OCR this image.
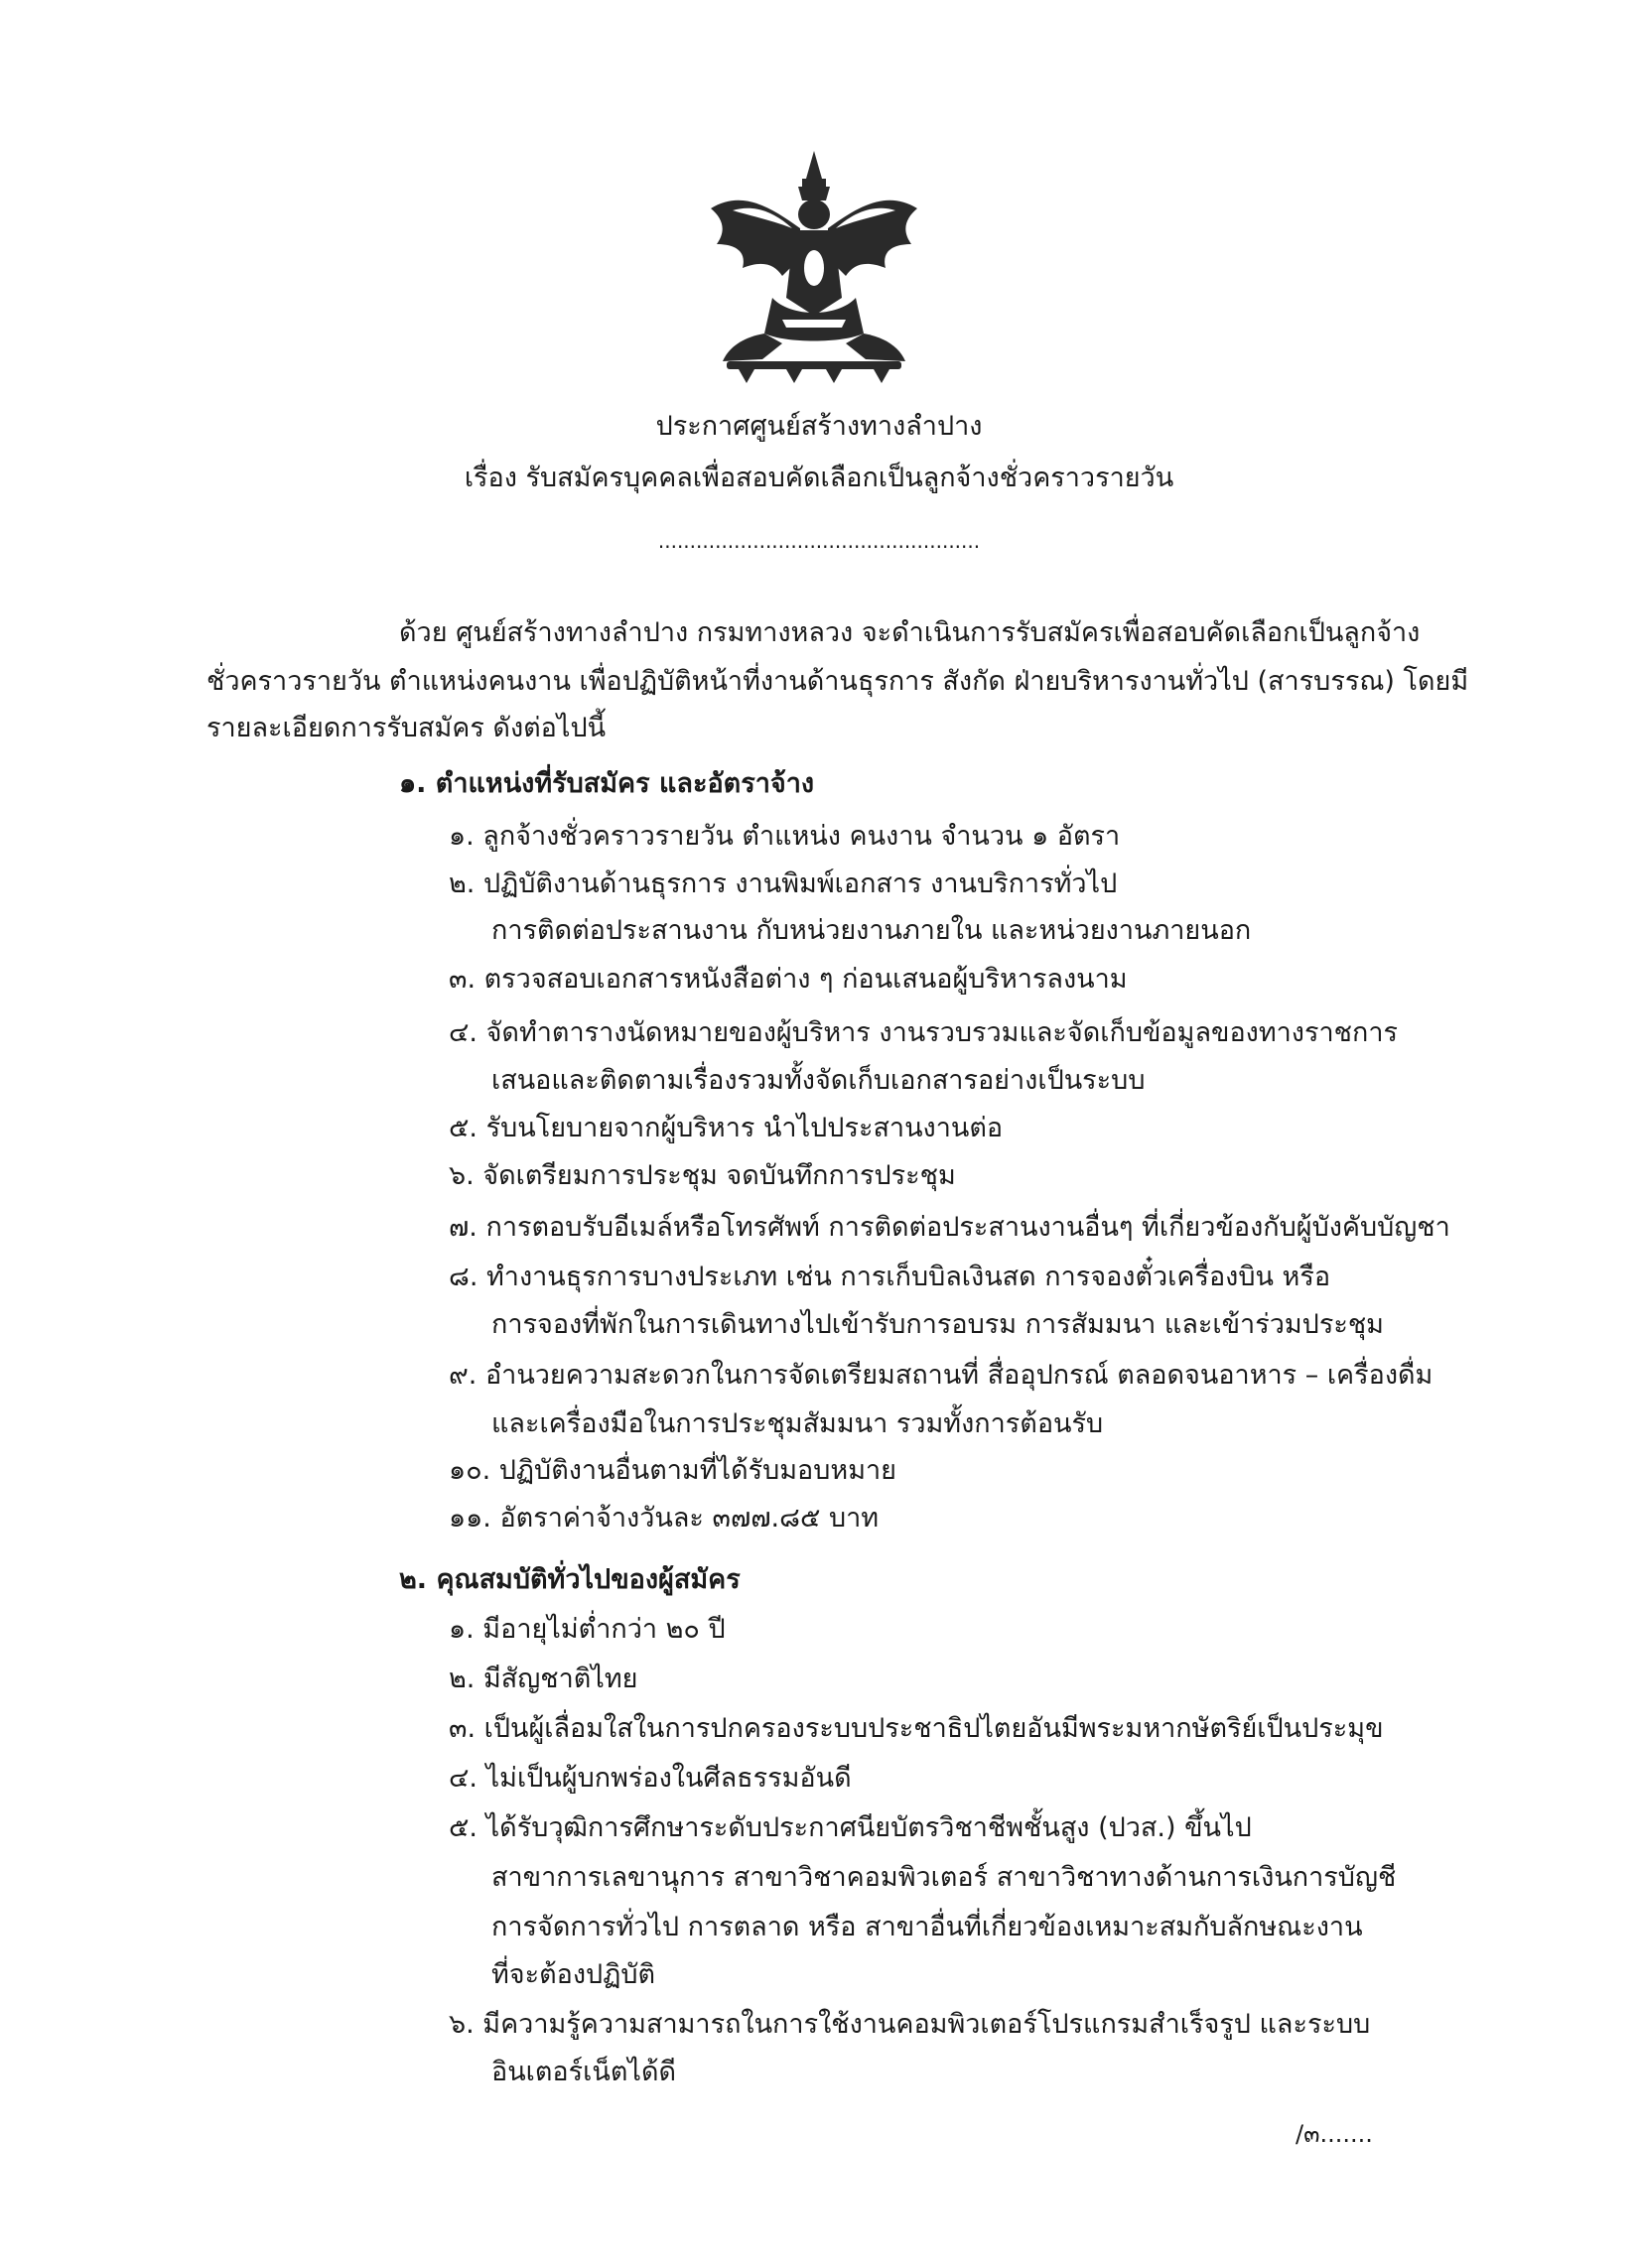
ประกาศศูนย์สร้างทางลำปาง
เรื่อง รับสมัครบุคคลเพื่อสอบคัดเลือกเป็นลูกจ้างชั่วคราวรายวัน
...................................................
ด้วย ศูนย์สร้างทางลำปาง กรมทางหลวง จะดำเนินการรับสมัครเพื่อสอบคัดเลือกเป็นลูกจ้าง
ชั่วคราวรายวัน ตำแหน่งคนงาน เพื่อปฏิบัติหน้าที่งานด้านธุรการ สังกัด ฝ่ายบริหารงานทั่วไป (สารบรรณ) โดยมี
รายละเอียดการรับสมัคร ดังต่อไปนี้
๑. ตำแหน่งที่รับสมัคร และอัตราจ้าง
๑. ลูกจ้างชั่วคราวรายวัน ตำแหน่ง คนงาน จำนวน ๑ อัตรา
๒. ปฏิบัติงานด้านธุรการ งานพิมพ์เอกสาร งานบริการทั่วไป
การติดต่อประสานงาน กับหน่วยงานภายใน และหน่วยงานภายนอก
๓. ตรวจสอบเอกสารหนังสือต่าง ๆ ก่อนเสนอผู้บริหารลงนาม
๔. จัดทำตารางนัดหมายของผู้บริหาร งานรวบรวมและจัดเก็บข้อมูลของทางราชการ
เสนอและติดตามเรื่องรวมทั้งจัดเก็บเอกสารอย่างเป็นระบบ
๕. รับนโยบายจากผู้บริหาร นำไปประสานงานต่อ
๖. จัดเตรียมการประชุม จดบันทึกการประชุม
๗. การตอบรับอีเมล์หรือโทรศัพท์ การติดต่อประสานงานอื่นๆ ที่เกี่ยวข้องกับผู้บังคับบัญชา
๘. ทำงานธุรการบางประเภท เช่น การเก็บบิลเงินสด การจองตั๋วเครื่องบิน หรือ
การจองที่พักในการเดินทางไปเข้ารับการอบรม การสัมมนา และเข้าร่วมประชุม
๙. อำนวยความสะดวกในการจัดเตรียมสถานที่ สื่ออุปกรณ์ ตลอดจนอาหาร – เครื่องดื่ม
และเครื่องมือในการประชุมสัมมนา รวมทั้งการต้อนรับ
๑๐. ปฏิบัติงานอื่นตามที่ได้รับมอบหมาย
๑๑. อัตราค่าจ้างวันละ ๓๗๗.๘๕ บาท
๒. คุณสมบัติทั่วไปของผู้สมัคร
๑. มีอายุไม่ต่ำกว่า ๒๐ ปี
๒. มีสัญชาติไทย
๓. เป็นผู้เลื่อมใสในการปกครองระบบประชาธิปไตยอันมีพระมหากษัตริย์เป็นประมุข
๔. ไม่เป็นผู้บกพร่องในศีลธรรมอันดี
๕. ได้รับวุฒิการศึกษาระดับประกาศนียบัตรวิชาชีพชั้นสูง (ปวส.) ขึ้นไป
สาขาการเลขานุการ สาขาวิชาคอมพิวเตอร์ สาขาวิชาทางด้านการเงินการบัญชี
การจัดการทั่วไป การตลาด หรือ สาขาอื่นที่เกี่ยวข้องเหมาะสมกับลักษณะงาน
ที่จะต้องปฏิบัติ
๖. มีความรู้ความสามารถในการใช้งานคอมพิวเตอร์โปรแกรมสำเร็จรูป และระบบ
อินเตอร์เน็ตได้ดี
/๓.......
